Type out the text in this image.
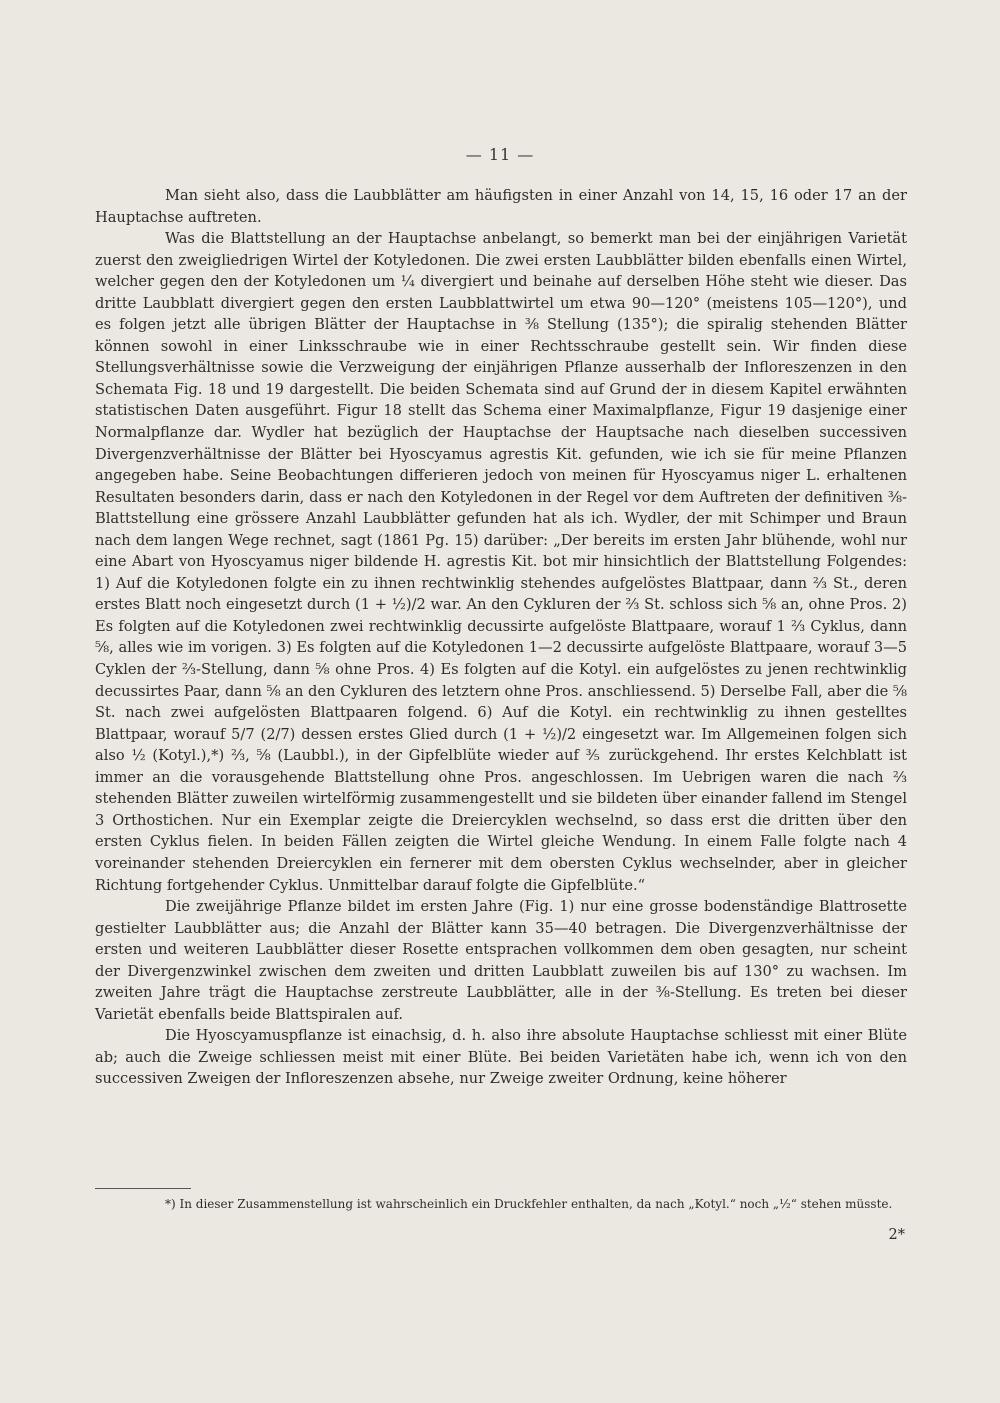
— 11 —

Man sieht also, dass die Laubblätter am häufigsten in einer Anzahl von 14, 15, 16 oder 17 an der Hauptachse auftreten.

Was die Blattstellung an der Hauptachse anbelangt, so bemerkt man bei der einjährigen Varietät zuerst den zweigliedrigen Wirtel der Kotyledonen. Die zwei ersten Laubblätter bilden ebenfalls einen Wirtel, welcher gegen den der Kotyledonen um ¼ divergiert und beinahe auf derselben Höhe steht wie dieser. Das dritte Laubblatt divergiert gegen den ersten Laubblattwirtel um etwa 90—120° (meistens 105—120°), und es folgen jetzt alle übrigen Blätter der Hauptachse in ⅜ Stellung (135°); die spiralig stehenden Blätter können sowohl in einer Linksschraube wie in einer Rechtsschraube gestellt sein. Wir finden diese Stellungsverhältnisse sowie die Verzweigung der einjährigen Pflanze ausserhalb der Infloreszenzen in den Schemata Fig. 18 und 19 dargestellt. Die beiden Schemata sind auf Grund der in diesem Kapitel erwähnten statistischen Daten ausgeführt. Figur 18 stellt das Schema einer Maximalpflanze, Figur 19 dasjenige einer Normalpflanze dar. Wydler hat bezüglich der Hauptachse der Hauptsache nach dieselben successiven Divergenzverhältnisse der Blätter bei Hyoscyamus agrestis Kit. gefunden, wie ich sie für meine Pflanzen angegeben habe. Seine Beobachtungen differieren jedoch von meinen für Hyoscyamus niger L. erhaltenen Resultaten besonders darin, dass er nach den Kotyledonen in der Regel vor dem Auftreten der definitiven ⅜-Blattstellung eine grössere Anzahl Laubblätter gefunden hat als ich. Wydler, der mit Schimper und Braun nach dem langen Wege rechnet, sagt (1861 Pg. 15) darüber: „Der bereits im ersten Jahr blühende, wohl nur eine Abart von Hyoscyamus niger bildende H. agrestis Kit. bot mir hinsichtlich der Blattstellung Folgendes: 1) Auf die Kotyledonen folgte ein zu ihnen rechtwinklig stehendes aufgelöstes Blattpaar, dann ⅔ St., deren erstes Blatt noch eingesetzt durch (1 + ½)/2 war. An den Cykluren der ⅔ St. schloss sich ⅝ an, ohne Pros. 2) Es folgten auf die Kotyledonen zwei rechtwinklig decussirte aufgelöste Blattpaare, worauf 1 ⅔ Cyklus, dann ⅝, alles wie im vorigen. 3) Es folgten auf die Kotyledonen 1—2 decussirte aufgelöste Blattpaare, worauf 3—5 Cyklen der ⅔-Stellung, dann ⅝ ohne Pros. 4) Es folgten auf die Kotyl. ein aufgelöstes zu jenen rechtwinklig decussirtes Paar, dann ⅝ an den Cykluren des letztern ohne Pros. anschliessend. 5) Derselbe Fall, aber die ⅝ St. nach zwei aufgelösten Blattpaaren folgend. 6) Auf die Kotyl. ein rechtwinklig zu ihnen gestelltes Blattpaar, worauf 5/7 (2/7) dessen erstes Glied durch (1 + ½)/2 eingesetzt war. Im Allgemeinen folgen sich also ½ (Kotyl.),*) ⅔, ⅝ (Laubbl.), in der Gipfelblüte wieder auf ⅗ zurückgehend. Ihr erstes Kelchblatt ist immer an die vorausgehende Blattstellung ohne Pros. angeschlossen. Im Uebrigen waren die nach ⅔ stehenden Blätter zuweilen wirtelförmig zusammengestellt und sie bildeten über einander fallend im Stengel 3 Orthostichen. Nur ein Exemplar zeigte die Dreiercyklen wechselnd, so dass erst die dritten über den ersten Cyklus fielen. In beiden Fällen zeigten die Wirtel gleiche Wendung. In einem Falle folgte nach 4 voreinander stehenden Dreiercyklen ein fernerer mit dem obersten Cyklus wechselnder, aber in gleicher Richtung fortgehender Cyklus. Unmittelbar darauf folgte die Gipfelblüte.“

Die zweijährige Pflanze bildet im ersten Jahre (Fig. 1) nur eine grosse bodenständige Blattrosette gestielter Laubblätter aus; die Anzahl der Blätter kann 35—40 betragen. Die Divergenzverhältnisse der ersten und weiteren Laubblätter dieser Rosette entsprachen vollkommen dem oben gesagten, nur scheint der Divergenzwinkel zwischen dem zweiten und dritten Laubblatt zuweilen bis auf 130° zu wachsen. Im zweiten Jahre trägt die Hauptachse zerstreute Laubblätter, alle in der ⅜-Stellung. Es treten bei dieser Varietät ebenfalls beide Blattspiralen auf.

Die Hyoscyamuspflanze ist einachsig, d. h. also ihre absolute Hauptachse schliesst mit einer Blüte ab; auch die Zweige schliessen meist mit einer Blüte. Bei beiden Varietäten habe ich, wenn ich von den successiven Zweigen der Infloreszenzen absehe, nur Zweige zweiter Ordnung, keine höherer

*) In dieser Zusammenstellung ist wahrscheinlich ein Druckfehler enthalten, da nach „Kotyl.“ noch „½“ stehen müsste.
2*
